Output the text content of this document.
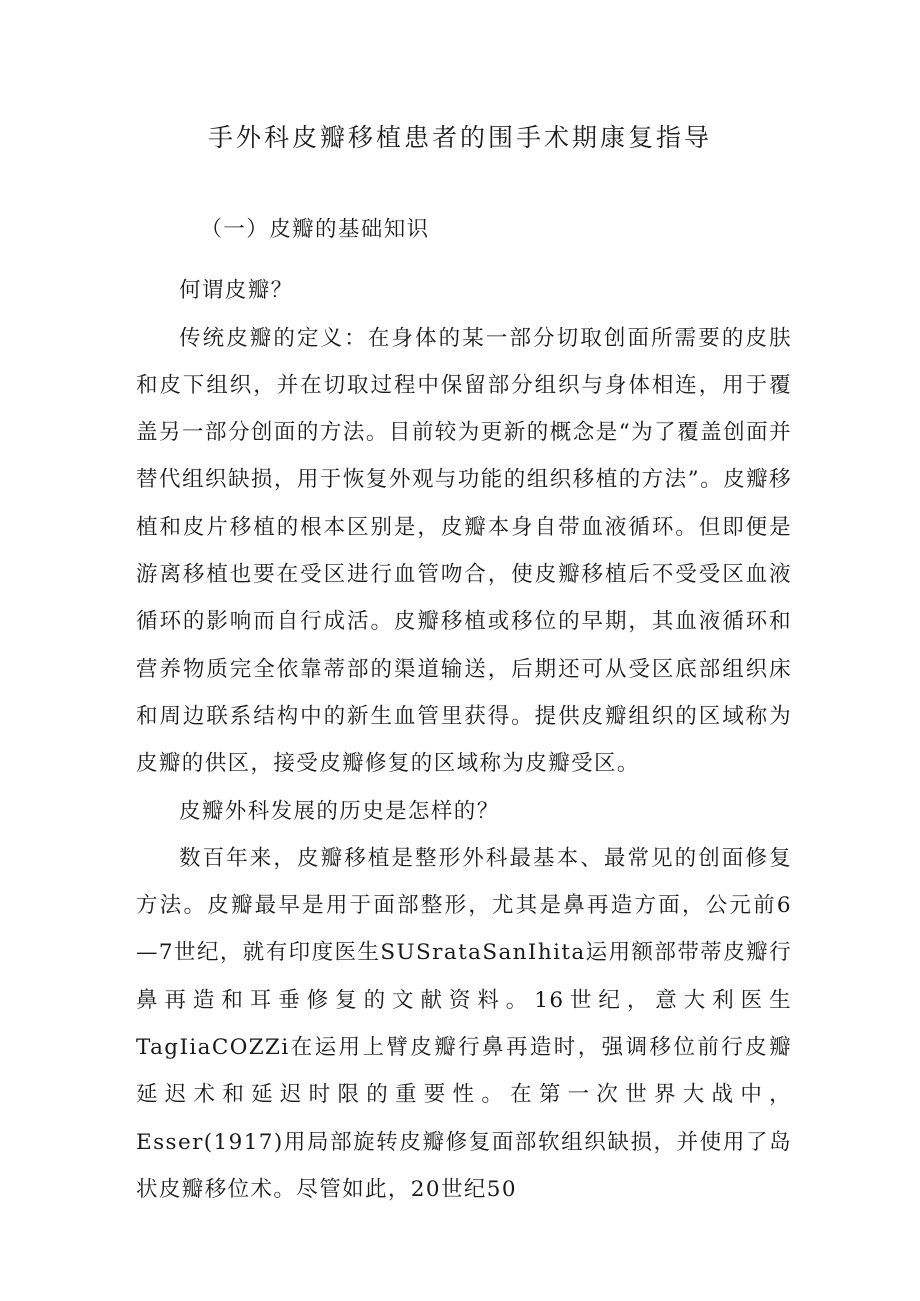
手外科皮瓣移植患者的围手术期康复指导

（一）皮瓣的基础知识

何谓皮瓣？

传统皮瓣的定义：在身体的某一部分切取创面所需要的皮肤和皮下组织，并在切取过程中保留部分组织与身体相连，用于覆盖另一部分创面的方法。目前较为更新的概念是“为了覆盖创面并替代组织缺损，用于恢复外观与功能的组织移植的方法”。皮瓣移植和皮片移植的根本区别是，皮瓣本身自带血液循环。但即便是游离移植也要在受区进行血管吻合，使皮瓣移植后不受受区血液循环的影响而自行成活。皮瓣移植或移位的早期，其血液循环和营养物质完全依靠蒂部的渠道输送，后期还可从受区底部组织床和周边联系结构中的新生血管里获得。提供皮瓣组织的区域称为皮瓣的供区，接受皮瓣修复的区域称为皮瓣受区。

皮瓣外科发展的历史是怎样的？

数百年来，皮瓣移植是整形外科最基本、最常见的创面修复方法。皮瓣最早是用于面部整形，尤其是鼻再造方面，公元前6—7世纪，就有印度医生SUSrataSanIhita运用额部带蒂皮瓣行鼻再造和耳垂修复的文献资料。16世纪，意大利医生TagIiaCOZZi在运用上臂皮瓣行鼻再造时，强调移位前行皮瓣延迟术和延迟时限的重要性。在第一次世界大战中，Esser(1917)用局部旋转皮瓣修复面部软组织缺损，并使用了岛状皮瓣移位术。尽管如此，20世纪50
